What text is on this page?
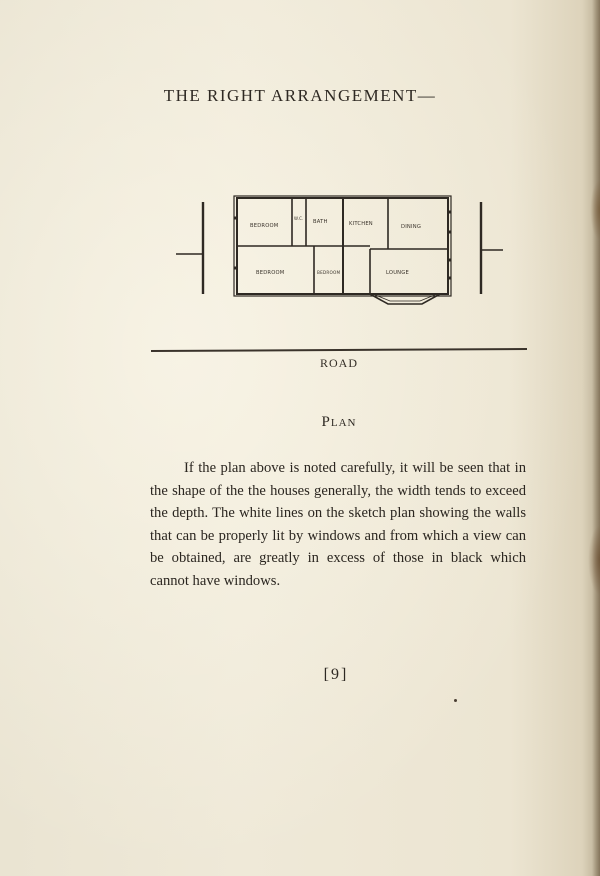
THE RIGHT ARRANGEMENT—
BEDROOM
W.C.
BATH	KITCHEN	DINING
BEDROOM	BEDROOM	LOUNGE
ROAD
Plan
If the plan above is noted carefully, it will be seen that in the shape of the the houses generally, the width tends to exceed the depth. The white lines on the sketch plan showing the walls that can be properly lit by windows and from which a view can be obtained, are greatly in excess of those in black which cannot have windows.
[9]
